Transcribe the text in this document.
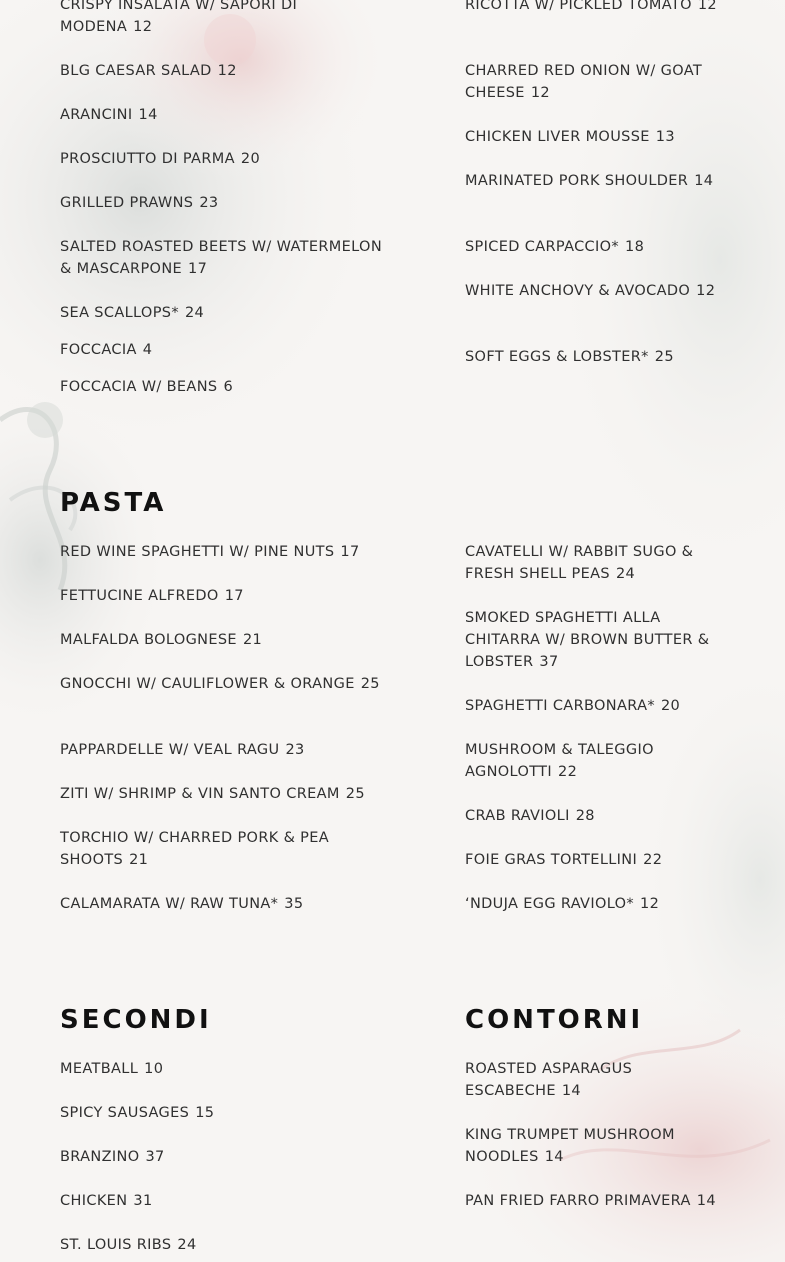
CRISPY INSALATA W/ SAPORI DI MODENA 12
BLG CAESAR SALAD 12
ARANCINI 14
PROSCIUTTO DI PARMA 20
GRILLED PRAWNS 23
SALTED ROASTED BEETS W/ WATERMELON & MASCARPONE 17
SEA SCALLOPS* 24
FOCCACIA 4
FOCCACIA W/ BEANS 6
RICOTTA W/ PICKLED TOMATO 12
CHARRED RED ONION W/ GOAT CHEESE 12
CHICKEN LIVER MOUSSE 13
MARINATED PORK SHOULDER 14
SPICED CARPACCIO* 18
WHITE ANCHOVY & AVOCADO 12
SOFT EGGS & LOBSTER* 25
PASTA
RED WINE SPAGHETTI W/ PINE NUTS 17
FETTUCINE ALFREDO 17
MALFALDA BOLOGNESE 21
GNOCCHI W/ CAULIFLOWER & ORANGE 25
PAPPARDELLE W/ VEAL RAGU 23
ZITI W/ SHRIMP & VIN SANTO CREAM 25
TORCHIO W/ CHARRED PORK & PEA SHOOTS 21
CALAMARATA W/ RAW TUNA* 35
CAVATELLI W/ RABBIT SUGO & FRESH SHELL PEAS 24
SMOKED SPAGHETTI ALLA CHITARRA W/ BROWN BUTTER & LOBSTER 37
SPAGHETTI CARBONARA* 20
MUSHROOM & TALEGGIO AGNOLOTTI 22
CRAB RAVIOLI 28
FOIE GRAS TORTELLINI 22
‘NDUJA EGG RAVIOLO* 12
SECONDI
MEATBALL 10
SPICY SAUSAGES 15
BRANZINO 37
CHICKEN 31
ST. LOUIS RIBS 24
CONTORNI
ROASTED ASPARAGUS ESCABECHE 14
KING TRUMPET MUSHROOM NOODLES 14
PAN FRIED FARRO PRIMAVERA 14
